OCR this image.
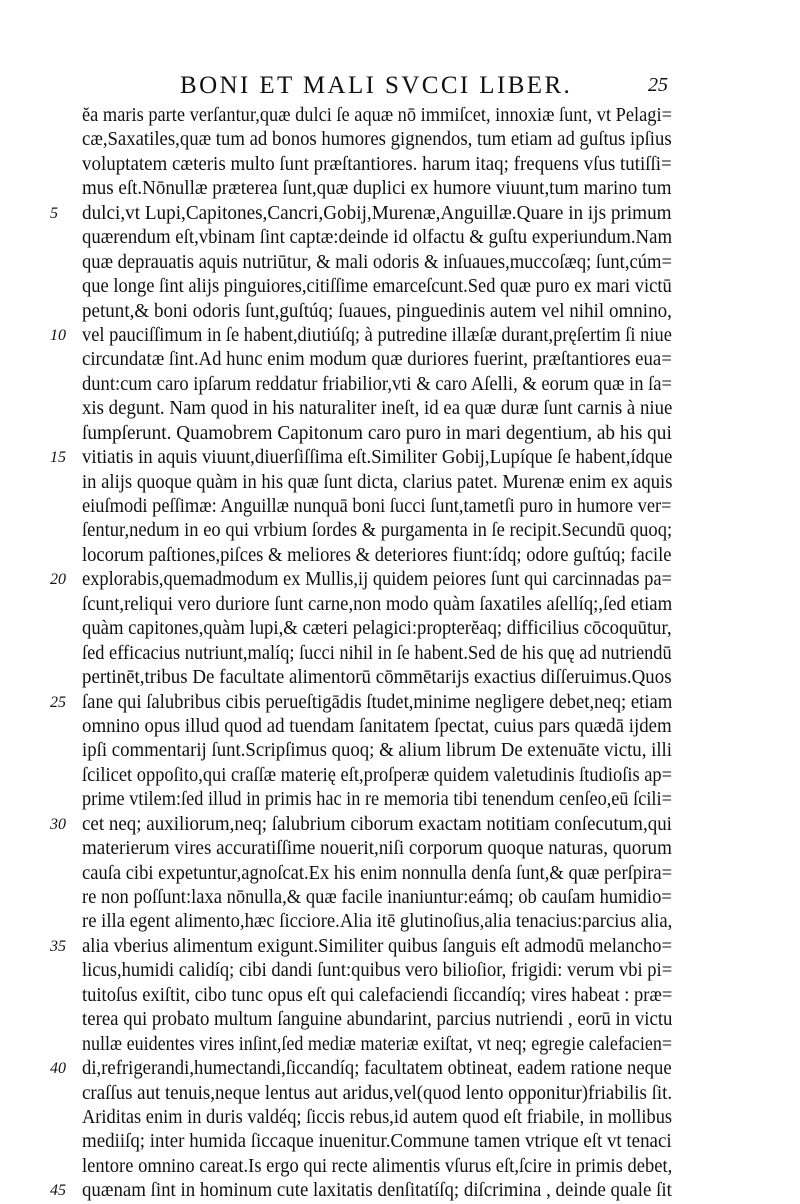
BONI ET MALI SVCCI LIBER.	25
ĕa maris parte verſantur,quæ dulci ſe aquæ nō immiſcet, innoxiæ ſunt, vt Pelagi=
cæ,Saxatiles,quæ tum ad bonos humores gignendos, tum etiam ad guſtus ipſius
voluptatem cæteris multo ſunt præſtantiores. harum itaq; frequens vſus tutiſſi=
mus eſt.Nōnullæ præterea ſunt,quæ duplici ex humore viuunt,tum marino tum
5	dulci,vt Lupi,Capitones,Cancri,Gobij,Murenæ,Anguillæ.Quare in ijs primum
quærendum eſt,vbinam ſint captæ:deinde id olfactu & guſtu experiundum.Nam
quæ deprauatis aquis nutriūtur, & mali odoris & inſuaues,muccoſæq; ſunt,cúm=
que longe ſint alijs pinguiores,citiſſime emarceſcunt.Sed quæ puro ex mari victū
petunt,& boni odoris ſunt,guſtúq; ſuaues, pinguedinis autem vel nihil omnino,
10 vel pauciſſimum in ſe habent,diutiúſq; à putredine illæſæ durant,pręſertim ſi niue
circundatæ ſint.Ad hunc enim modum quæ duriores fuerint, præſtantiores eua=
dunt:cum caro ipſarum reddatur friabilior,vti & caro Aſelli, & eorum quæ in ſa=
xis degunt. Nam quod in his naturaliter ineſt, id ea quæ duræ ſunt carnis à niue
ſumpſerunt. Quamobrem Capitonum caro puro in mari degentium, ab his qui
15 vitiatis in aquis viuunt,diuerſiſſima eſt.Similiter Gobij,Lupíque ſe habent,ídque
in alijs quoque quàm in his quæ ſunt dicta, clarius patet. Murenæ enim ex aquis
eiuſmodi peſſimæ: Anguillæ nunquā boni ſucci ſunt,tametſi puro in humore ver=
ſentur,nedum in eo qui vrbium ſordes & purgamenta in ſe recipit.Secundū quoq;
locorum paſtiones,piſces & meliores & deteriores fiunt:ídq; odore guſtúq; facile
20 explorabis,quemadmodum ex Mullis,ij quidem peiores ſunt qui carcinnadas pa=
ſcunt,reliqui vero duriore ſunt carne,non modo quàm ſaxatiles aſellíq;,ſed etiam
quàm capitones,quàm lupi,& cæteri pelagici:propterĕaq; difficilius cōcoquūtur,
ſed efficacius nutriunt,malíq; ſucci nihil in ſe habent.Sed de his quę ad nutriendū
pertinēt,tribus De facultate alimentorū cōmmētarijs exactius diſſeruimus.Quos
25 ſane qui ſalubribus cibis perueſtigādis ſtudet,minime negligere debet,neq; etiam
omnino opus illud quod ad tuendam ſanitatem ſpectat, cuius pars quædā ijdem
ipſi commentarij ſunt.Scripſimus quoq; & alium librum De extenuāte victu, illi
ſcilicet oppoſito,qui craſſæ materię eſt,proſperæ quidem valetudinis ſtudioſis ap=
prime vtilem:ſed illud in primis hac in re memoria tibi tenendum cenſeo,eū ſcili=
30 cet neq; auxiliorum,neq; ſalubrium ciborum exactam notitiam conſecutum,qui
materierum vires accuratiſſime nouerit,niſi corporum quoque naturas, quorum
cauſa cibi expetuntur,agnoſcat.Ex his enim nonnulla denſa ſunt,& quæ perſpira=
re non poſſunt:laxa nōnulla,& quæ facile inaniuntur:eámq; ob cauſam humidio=
re illa egent alimento,hæc ſicciore.Alia itē glutinoſius,alia tenacius:parcius alia,
35 alia vberius alimentum exigunt.Similiter quibus ſanguis eſt admodū melancho=
licus,humidi calidíq; cibi dandi ſunt:quibus vero bilioſior, frigidi: verum vbi pi=
tuitoſus exiſtit, cibo tunc opus eſt qui calefaciendi ſiccandíq; vires habeat : præ=
terea qui probato multum ſanguine abundarint, parcius nutriendi , eorū in victu
nullæ euidentes vires inſint,ſed mediæ materiæ exiſtat, vt neq; egregie calefacien=
40 di,refrigerandi,humectandi,ſiccandíq; facultatem obtineat, eadem ratione neque
craſſus aut tenuis,neque lentus aut aridus,vel(quod lento opponitur)friabilis ſit.
Ariditas enim in duris valdéq; ſiccis rebus,id autem quod eſt friabile, in mollibus
mediiſq; inter humida ſiccaque inuenitur.Commune tamen vtrique eſt vt tenaci
lentore omnino careat.Is ergo qui recte alimentis vſurus eſt,ſcire in primis debet,
45 quænam ſint in hominum cute laxitatis denſitatíſq; diſcrimina , deinde quale ſit
